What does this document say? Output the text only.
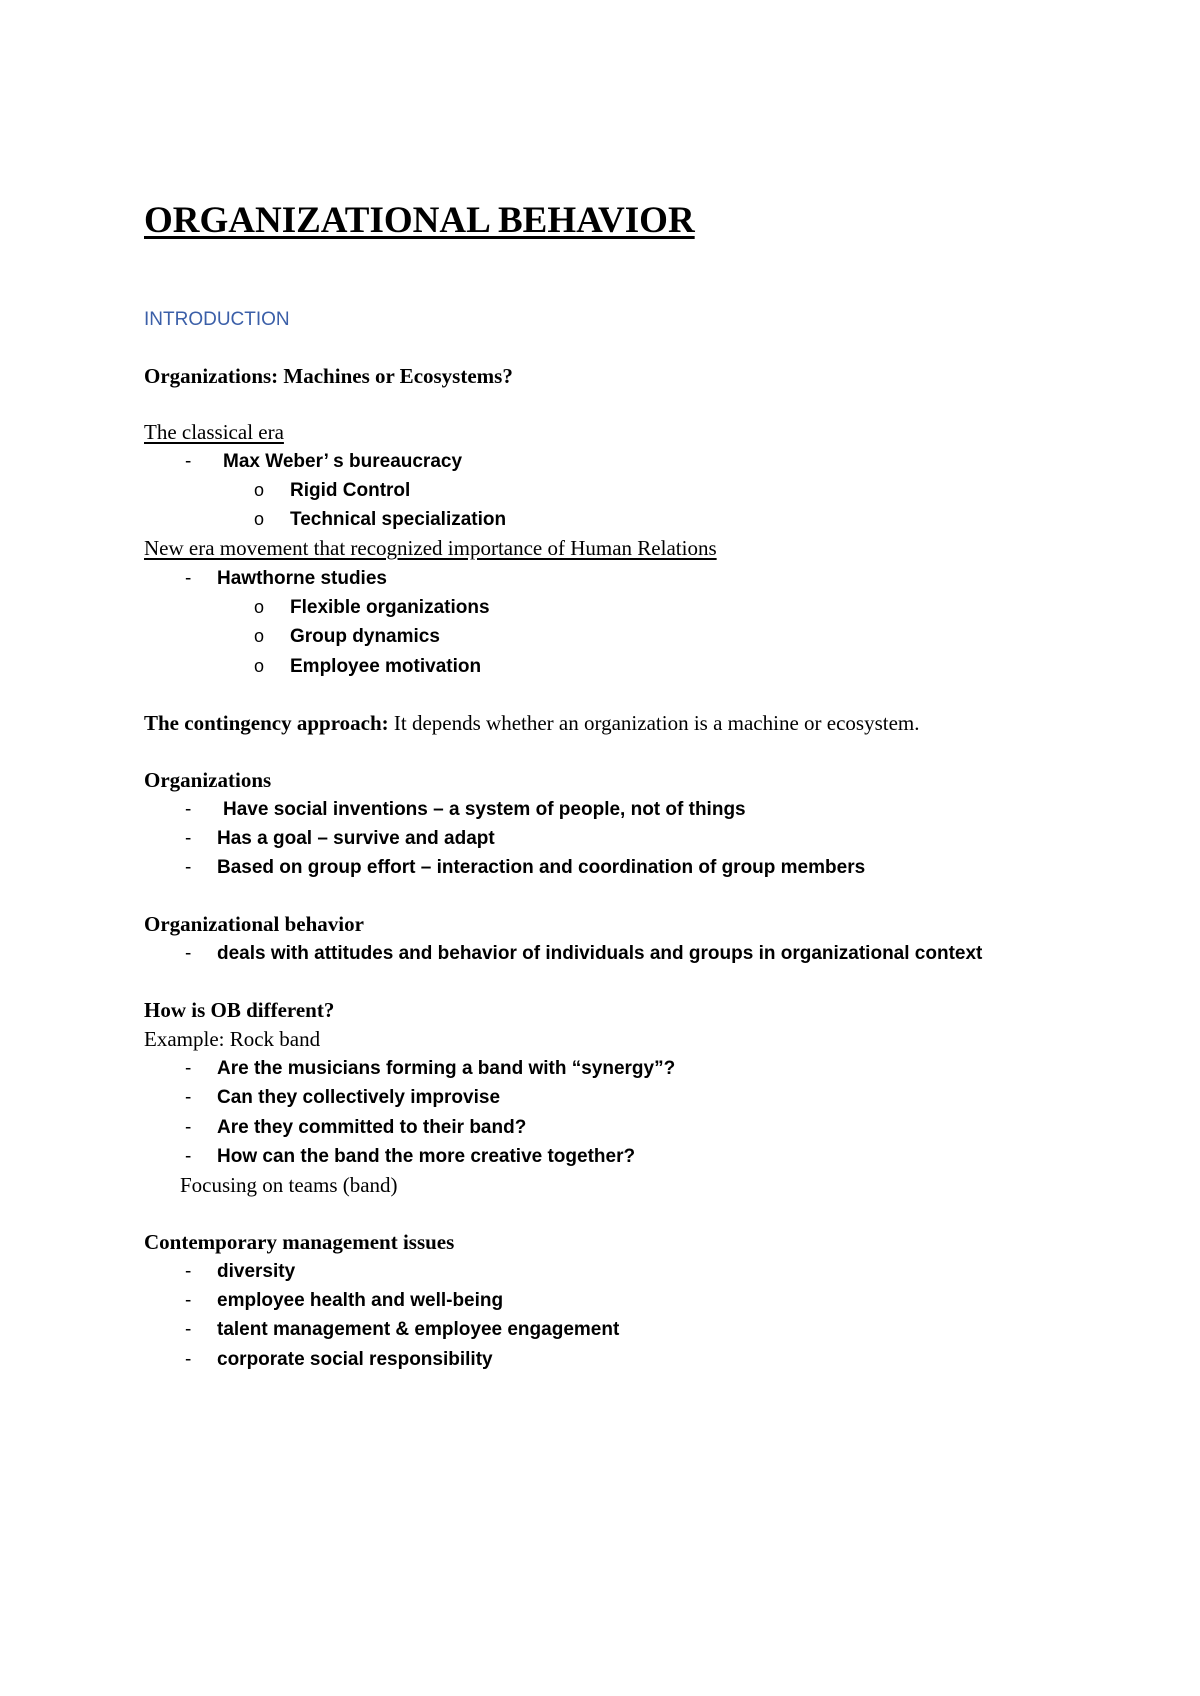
ORGANIZATIONAL BEHAVIOR
INTRODUCTION
Organizations: Machines or Ecosystems?
The classical era
- Max Weber’ s bureaucracy
o Rigid Control
o Technical specialization
New era movement that recognized importance of Human Relations
- Hawthorne studies
o Flexible organizations
o Group dynamics
o Employee motivation
The contingency approach: It depends whether an organization is a machine or ecosystem.
Organizations
- Have social inventions – a system of people, not of things
- Has a goal – survive and adapt
- Based on group effort – interaction and coordination of group members
Organizational behavior
- deals with attitudes and behavior of individuals and groups in organizational context
How is OB different?
Example: Rock band
- Are the musicians forming a band with “synergy”?
- Can they collectively improvise
- Are they committed to their band?
- How can the band the more creative together?
Focusing on teams (band)
Contemporary management issues
- diversity
- employee health and well-being
- talent management & employee engagement
- corporate social responsibility
